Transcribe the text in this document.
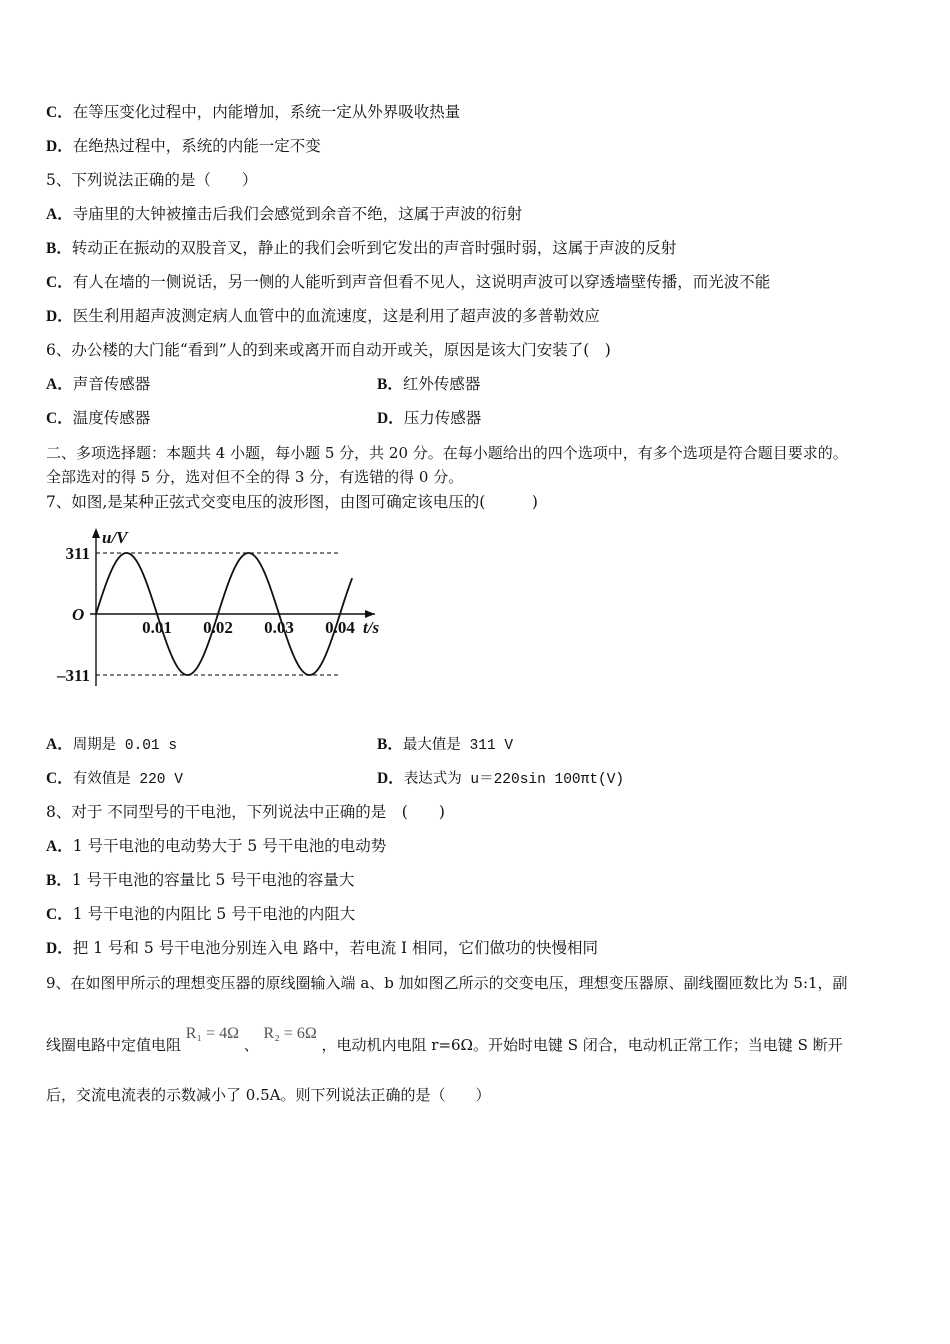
C．在等压变化过程中，内能增加，系统一定从外界吸收热量
D．在绝热过程中，系统的内能一定不变
5、下列说法正确的是（　　）
A．寺庙里的大钟被撞击后我们会感觉到余音不绝，这属于声波的衍射
B．转动正在振动的双股音叉，静止的我们会听到它发出的声音时强时弱，这属于声波的反射
C．有人在墙的一侧说话，另一侧的人能听到声音但看不见人，这说明声波可以穿透墙壁传播，而光波不能
D．医生利用超声波测定病人血管中的血流速度，这是利用了超声波的多普勒效应
6、办公楼的大门能“看到”人的到来或离开而自动开或关，原因是该大门安装了(　)
A．声音传感器	B．红外传感器
C．温度传感器	D．压力传感器
二、多项选择题：本题共 4 小题，每小题 5 分，共 20 分。在每小题给出的四个选项中，有多个选项是符合题目要求的。
全部选对的得 5 分，选对但不全的得 3 分，有选错的得 0 分。
7、如图,是某种正弦式交变电压的波形图，由图可确定该电压的(　　　)
0.01 0.02 0.03 0.04
311
–311
O
u/V
t/s
A．周期是 0.01 s	B．最大值是 311 V
C．有效值是 220 V	D．表达式为 u＝220sin 100πt(V)
8、对于 不同型号的干电池，下列说法中正确的是　(　　)
A．1 号干电池的电动势大于 5 号干电池的电动势
B．1 号干电池的容量比 5 号干电池的容量大
C．1 号干电池的内阻比 5 号干电池的内阻大
D．把 1 号和 5 号干电池分别连入电 路中，若电流 I 相同，它们做功的快慢相同
9、在如图甲所示的理想变压器的原线圈输入端 a、b 加如图乙所示的交变电压，理想变压器原、副线圈匝数比为 5:1，副
线圈电路中定值电阻 R₁ = 4Ω 、 R₂ = 6Ω ，电动机内电阻 r=6Ω。开始时电键 S 闭合，电动机正常工作；当电键 S 断开
后，交流电流表的示数减小了 0.5A。则下列说法正确的是（　　）
